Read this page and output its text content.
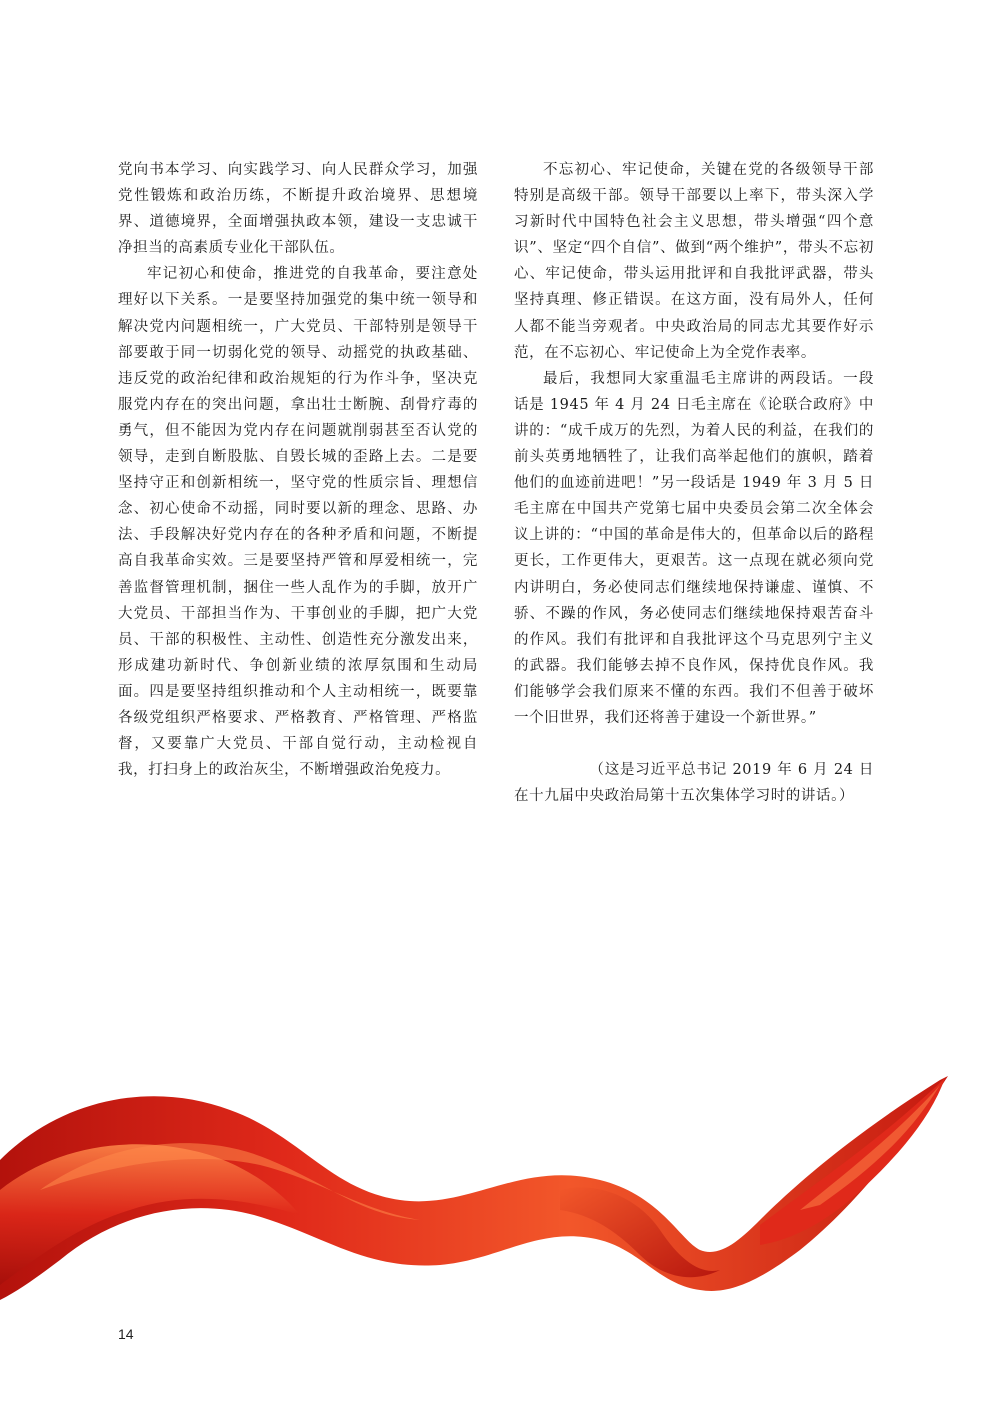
党向书本学习、向实践学习、向人民群众学习，加强党性锻炼和政治历练，不断提升政治境界、思想境界、道德境界，全面增强执政本领，建设一支忠诚干净担当的高素质专业化干部队伍。

牢记初心和使命，推进党的自我革命，要注意处理好以下关系。一是要坚持加强党的集中统一领导和解决党内问题相统一，广大党员、干部特别是领导干部要敢于同一切弱化党的领导、动摇党的执政基础、违反党的政治纪律和政治规矩的行为作斗争，坚决克服党内存在的突出问题，拿出壮士断腕、刮骨疗毒的勇气，但不能因为党内存在问题就削弱甚至否认党的领导，走到自断股肱、自毁长城的歪路上去。二是要坚持守正和创新相统一，坚守党的性质宗旨、理想信念、初心使命不动摇，同时要以新的理念、思路、办法、手段解决好党内存在的各种矛盾和问题，不断提高自我革命实效。三是要坚持严管和厚爱相统一，完善监督管理机制，捆住一些人乱作为的手脚，放开广大党员、干部担当作为、干事创业的手脚，把广大党员、干部的积极性、主动性、创造性充分激发出来，形成建功新时代、争创新业绩的浓厚氛围和生动局面。四是要坚持组织推动和个人主动相统一，既要靠各级党组织严格要求、严格教育、严格管理、严格监督，又要靠广大党员、干部自觉行动，主动检视自我，打扫身上的政治灰尘，不断增强政治免疫力。

不忘初心、牢记使命，关键在党的各级领导干部特别是高级干部。领导干部要以上率下，带头深入学习新时代中国特色社会主义思想，带头增强“四个意识”、坚定“四个自信”、做到“两个维护”，带头不忘初心、牢记使命，带头运用批评和自我批评武器，带头坚持真理、修正错误。在这方面，没有局外人，任何人都不能当旁观者。中央政治局的同志尤其要作好示范，在不忘初心、牢记使命上为全党作表率。

最后，我想同大家重温毛主席讲的两段话。一段话是 1945 年 4 月 24 日毛主席在《论联合政府》中讲的：“成千成万的先烈，为着人民的利益，在我们的前头英勇地牺牲了，让我们高举起他们的旗帜，踏着他们的血迹前进吧！”另一段话是 1949 年 3 月 5 日毛主席在中国共产党第七届中央委员会第二次全体会议上讲的：“中国的革命是伟大的，但革命以后的路程更长，工作更伟大，更艰苦。这一点现在就必须向党内讲明白，务必使同志们继续地保持谦虚、谨慎、不骄、不躁的作风，务必使同志们继续地保持艰苦奋斗的作风。我们有批评和自我批评这个马克思列宁主义的武器。我们能够去掉不良作风，保持优良作风。我们能够学会我们原来不懂的东西。我们不但善于破坏一个旧世界，我们还将善于建设一个新世界。”

（这是习近平总书记 2019 年 6 月 24 日在十九届中央政治局第十五次集体学习时的讲话。）

14
